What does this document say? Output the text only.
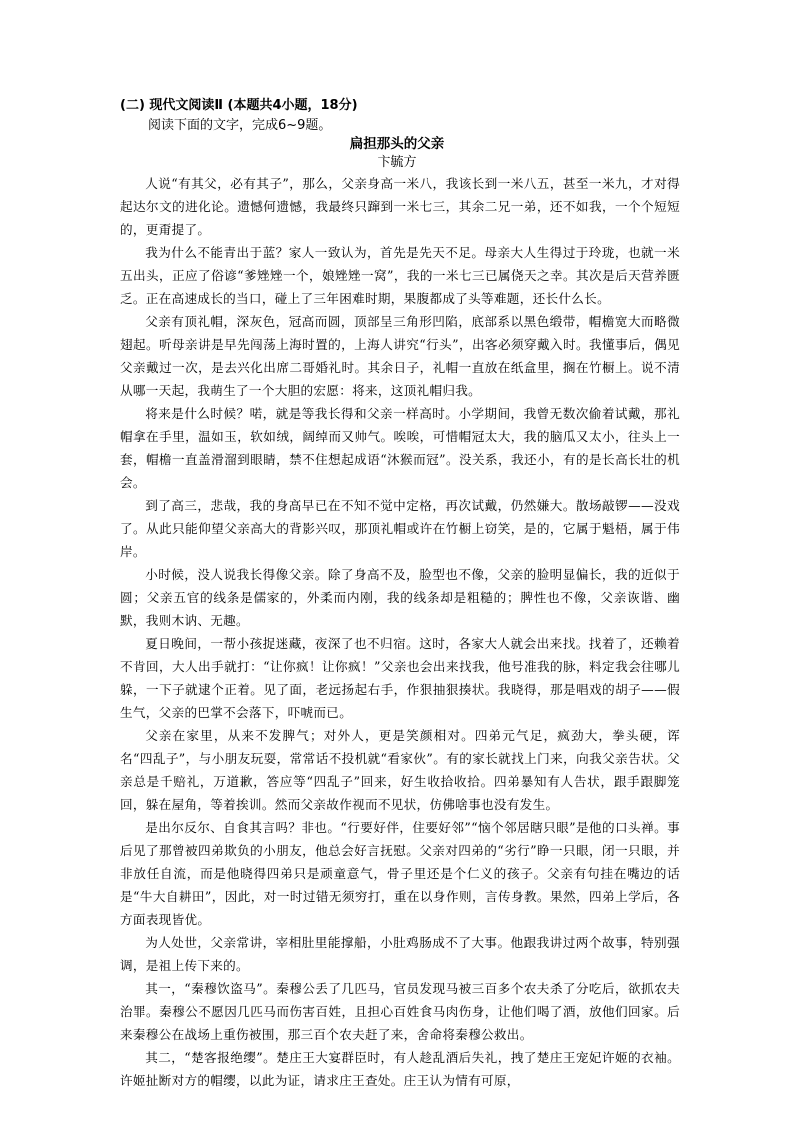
(二) 现代文阅读Ⅱ (本题共4小题，18分)
阅读下面的文字，完成6~9题。
扁担那头的父亲
卞毓方

人说“有其父，必有其子”，那么，父亲身高一米八，我该长到一米八五，甚至一米九，才对得起达尔文的进化论。遗憾何遗憾，我最终只蹿到一米七三，其余二兄一弟，还不如我，一个个短短的，更甭提了。

我为什么不能青出于蓝？家人一致认为，首先是先天不足。母亲大人生得过于玲珑，也就一米五出头，正应了俗谚“爹矬矬一个，娘矬矬一窝”，我的一米七三已属侥天之幸。其次是后天营养匮乏。正在高速成长的当口，碰上了三年困难时期，果腹都成了头等难题，还长什么长。

父亲有顶礼帽，深灰色，冠高而圆，顶部呈三角形凹陷，底部系以黑色缎带，帽檐宽大而略微翅起。听母亲讲是早先闯荡上海时置的，上海人讲究“行头”，出客必须穿戴入时。我懂事后，偶见父亲戴过一次，是去兴化出席二哥婚礼时。其余日子，礼帽一直放在纸盒里，搁在竹橱上。说不清从哪一天起，我萌生了一个大胆的宏愿：将来，这顶礼帽归我。

将来是什么时候？喏，就是等我长得和父亲一样高时。小学期间，我曾无数次偷着试戴，那礼帽拿在手里，温如玉，软如绒，阔绰而又帅气。唉唉，可惜帽冠太大，我的脑瓜又太小，往头上一套，帽檐一直盖滑溜到眼睛，禁不住想起成语“沐猴而冠”。没关系，我还小，有的是长高长壮的机会。

到了高三，悲哉，我的身高早已在不知不觉中定格，再次试戴，仍然嫌大。散场敲锣——没戏了。从此只能仰望父亲高大的背影兴叹，那顶礼帽或许在竹橱上窃笑，是的，它属于魁梧，属于伟岸。

小时候，没人说我长得像父亲。除了身高不及，脸型也不像，父亲的脸明显偏长，我的近似于圆；父亲五官的线条是儒家的，外柔而内刚，我的线条却是粗糙的；脾性也不像，父亲诙谐、幽默，我则木讷、无趣。

夏日晚间，一帮小孩捉迷藏，夜深了也不归宿。这时，各家大人就会出来找。找着了，还赖着不肯回，大人出手就打：“让你疯！让你疯！”父亲也会出来找我，他号准我的脉，料定我会往哪儿躲，一下子就逮个正着。见了面，老远扬起右手，作狠抽狠揍状。我晓得，那是唱戏的胡子——假生气，父亲的巴掌不会落下，吓唬而已。

父亲在家里，从来不发脾气；对外人，更是笑颜相对。四弟元气足，疯劲大，拳头硬，诨名“四乱子”，与小朋友玩耍，常常话不投机就“看家伙”。有的家长就找上门来，向我父亲告状。父亲总是千赔礼，万道歉，答应等“四乱子”回来，好生收拾收拾。四弟暴知有人告状，跟手跟脚笼回，躲在屋角，等着挨训。然而父亲故作视而不见状，仿佛啥事也没有发生。

是出尔反尔、自食其言吗？非也。“行要好伴，住要好邻”“恼个邻居瞎只眼”是他的口头禅。事后见了那曾被四弟欺负的小朋友，他总会好言抚慰。父亲对四弟的“劣行”睁一只眼，闭一只眼，并非放任自流，而是他晓得四弟只是顽童意气，骨子里还是个仁义的孩子。父亲有句挂在嘴边的话是“牛大自耕田”，因此，对一时过错无须穷打，重在以身作则，言传身教。果然，四弟上学后，各方面表现皆优。

为人处世，父亲常讲，宰相肚里能撑船，小肚鸡肠成不了大事。他跟我讲过两个故事，特别强调，是祖上传下来的。

其一，“秦穆饮盗马”。秦穆公丢了几匹马，官员发现马被三百多个农夫杀了分吃后，欲抓农夫治罪。秦穆公不愿因几匹马而伤害百姓，且担心百姓食马肉伤身，让他们喝了酒，放他们回家。后来秦穆公在战场上重伤被围，那三百个农夫赶了来，舍命将秦穆公救出。

其二，“楚客报绝缨”。楚庄王大宴群臣时，有人趁乱酒后失礼，拽了楚庄王宠妃许姬的衣袖。许姬扯断对方的帽缨，以此为证，请求庄王查处。庄王认为情有可原，
